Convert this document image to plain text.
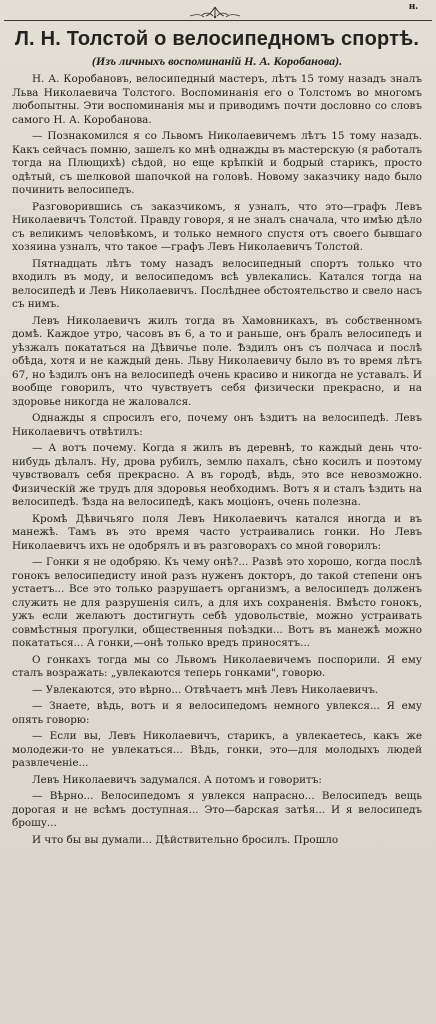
н.
Л. Н. Толстой о велосипедномъ спортѣ.
(Изъ личныхъ воспоминаній Н. А. Коробанова).

Н. А. Коробановъ, велосипедный мастеръ, лѣтъ 15 тому назадъ зналъ Льва Николаевича Толстого. Воспоминанія его о Толстомъ во многомъ любопытны. Эти воспоминанія мы и приводимъ почти дословно со словъ самого Н. А. Коробанова.

— Познакомился я со Львомъ Николаевичемъ лѣтъ 15 тому назадъ. Какъ сейчасъ помню, зашелъ ко мнѣ однажды въ мастерскую (я работалъ тогда на Плющихѣ) сѣдой, но еще крѣпкій и бодрый старикъ, просто одѣтый, съ шелковой шапочкой на головѣ. Новому заказчику надо было починить велосипедъ.

Разговорившись съ заказчикомъ, я узналъ, что это—графъ Левъ Николаевичъ Толстой. Правду говоря, я не зналъ сначала, что имѣю дѣло съ великимъ человѣкомъ, и только немного спустя отъ своего бывшаго хозяина узналъ, что такое —графъ Левъ Николаевичъ Толстой.

Пятнадцать лѣтъ тому назадъ велосипедный спортъ только что входилъ въ моду, и велосипедомъ всѣ увлекались. Катался тогда на велосипедѣ и Левъ Николаевичъ. Послѣднее обстоятельство и свело насъ съ нимъ.

Левъ Николаевичъ жилъ тогда въ Хамовникахъ, въ собственномъ домѣ. Каждое утро, часовъ въ 6, а то и раньше, онъ бралъ велосипедъ и уѣзжалъ покататься на Дѣвичье поле. Ѣздилъ онъ съ полчаса и послѣ обѣда, хотя и не каждый день. Льву Николаевичу было въ то время лѣтъ 67, но ѣздилъ онъ на велосипедѣ очень красиво и никогда не уставалъ. И вообще говорилъ, что чувствуетъ себя физически прекрасно, и на здоровье никогда не жаловался.

Однажды я спросилъ его, почему онъ ѣздитъ на велосипедѣ. Левъ Николаевичъ отвѣтилъ:

— А вотъ почему. Когда я жилъ въ деревнѣ, то каждый день что-нибудь дѣлалъ. Ну, дрова рубилъ, землю пахалъ, сѣно косилъ и поэтому чувствовалъ себя прекрасно. А въ городѣ, вѣдь, это все невозможно. Физическій же трудъ для здоровья необходимъ. Вотъ я и сталъ ѣздить на велосипедѣ. Ѣзда на велосипедѣ, какъ моціонъ, очень полезна.

Кромѣ Дѣвичьяго поля Левъ Николаевичъ катался иногда и въ манежѣ. Тамъ въ это время часто устраивались гонки. Но Левъ Николаевичъ ихъ не одобрялъ и въ разговорахъ со мной говорилъ:

— Гонки я не одобряю. Къ чему онѣ?... Развѣ это хорошо, когда послѣ гонокъ велосипедисту иной разъ нуженъ докторъ, до такой степени онъ устаетъ... Все это только разрушаетъ организмъ, а велосипедъ долженъ служить не для разрушенія силъ, а для ихъ сохраненія. Вмѣсто гонокъ, ужъ если желаютъ достигнуть себѣ удовольствіе, можно устраивать совмѣстныя прогулки, общественныя поѣздки... Вотъ въ манежѣ можно покататься... А гонки,—онѣ только вредъ приносятъ...

О гонкахъ тогда мы со Львомъ Николаевичемъ поспорили. Я ему сталъ возражать: „увлекаются теперь гонками", говорю.

— Увлекаются, это вѣрно... Отвѣчаетъ мнѣ Левъ Николаевичъ.

— Знаете, вѣдь, вотъ и я велосипедомъ немного увлекся... Я ему опять говорю:

— Если вы, Левъ Николаевичъ, старикъ, а увлекаетесь, какъ же молодежи-то не увлекаться... Вѣдь, гонки, это—для молодыхъ людей развлеченіе...

Левъ Николаевичъ задумался. А потомъ и говоритъ:

— Вѣрно... Велосипедомъ я увлекся напрасно... Велосипедъ вещь дорогая и не всѣмъ доступная... Это—барская затѣя... И я велосипедъ брошу...

И что бы вы думали... Дѣйствительно бросилъ. Прошло
